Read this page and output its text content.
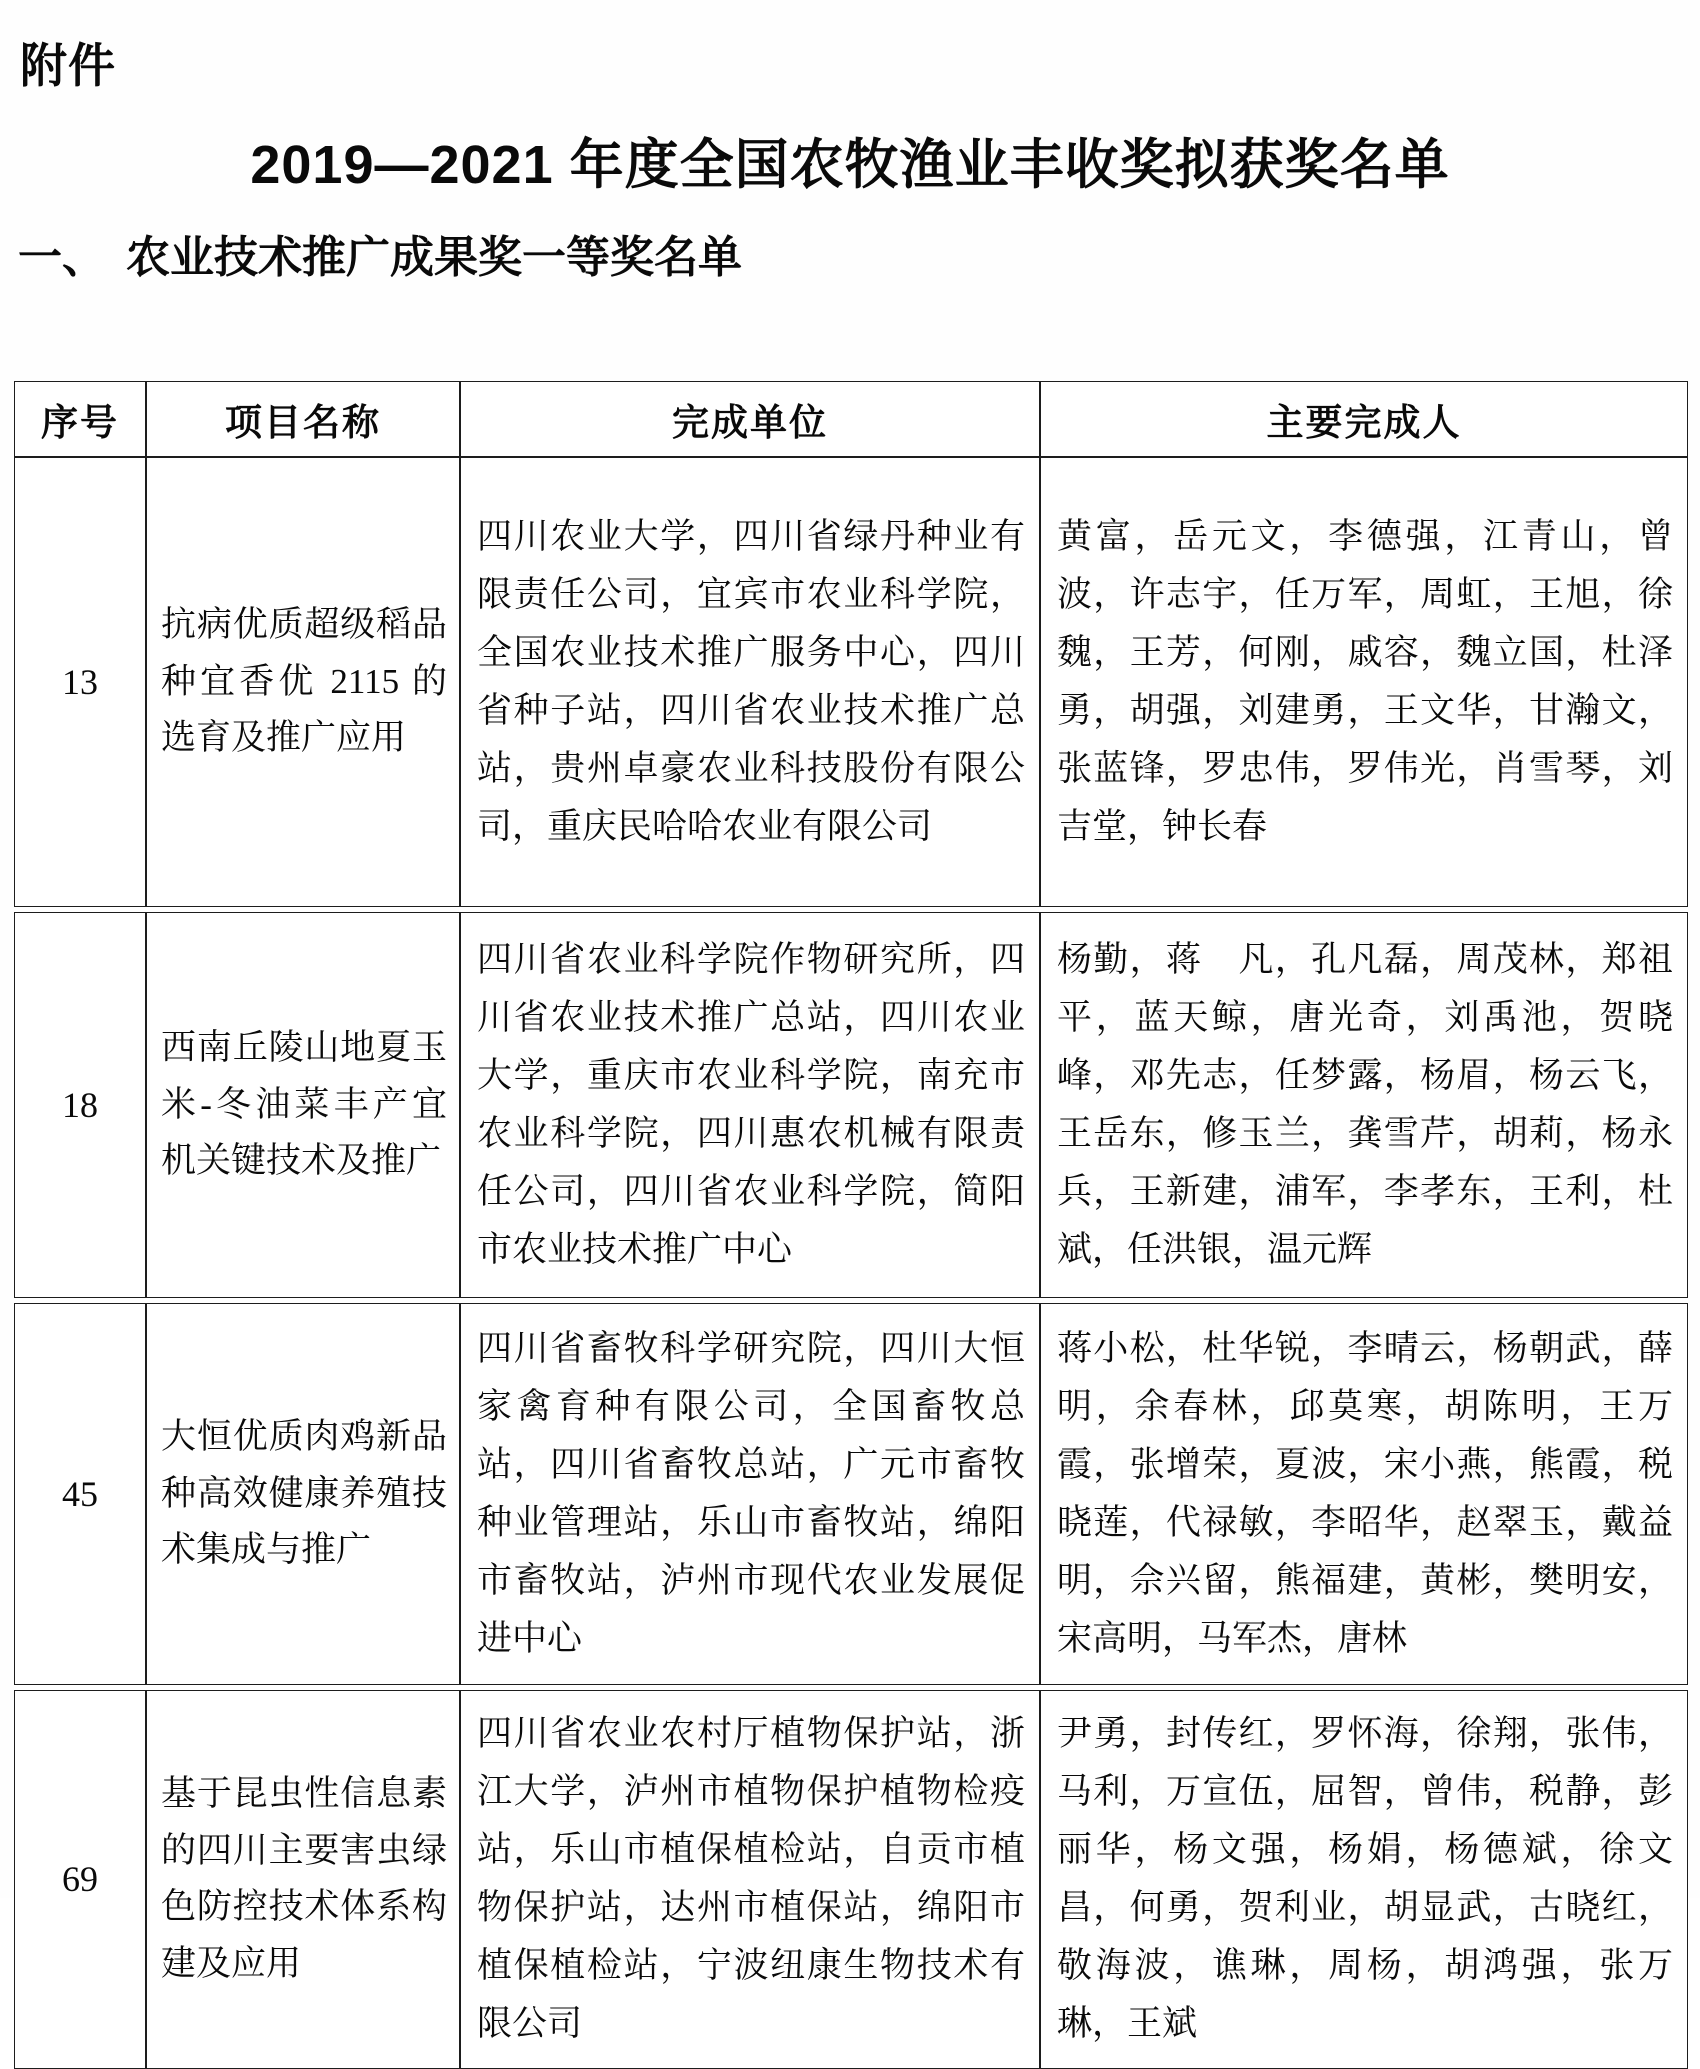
附件
2019—2021 年度全国农牧渔业丰收奖拟获奖名单
一、 农业技术推广成果奖一等奖名单
序号	项目名称	完成单位	主要完成人
13	抗病优质超级稻品种宜香优 2115 的选育及推广应用	四川农业大学，四川省绿丹种业有限责任公司，宜宾市农业科学院，全国农业技术推广服务中心，四川省种子站，四川省农业技术推广总站，贵州卓豪农业科技股份有限公司，重庆民哈哈农业有限公司	黄富，岳元文，李德强，江青山，曾波，许志宇，任万军，周虹，王旭，徐魏，王芳，何刚，戚容，魏立国，杜泽勇，胡强，刘建勇，王文华，甘瀚文，张蓝锋，罗忠伟，罗伟光，肖雪琴，刘吉堂，钟长春

18	西南丘陵山地夏玉米-冬油菜丰产宜机关键技术及推广	四川省农业科学院作物研究所，四川省农业技术推广总站，四川农业大学，重庆市农业科学院，南充市农业科学院，四川惠农机械有限责任公司，四川省农业科学院，简阳市农业技术推广中心	杨勤，蒋　凡，孔凡磊，周茂林，郑祖平，蓝天鲸，唐光奇，刘禹池，贺晓峰，邓先志，任梦露，杨眉，杨云飞，王岳东，修玉兰，龚雪芹，胡莉，杨永兵，王新建，浦军，李孝东，王利，杜斌，任洪银，温元辉

45	大恒优质肉鸡新品种高效健康养殖技术集成与推广	四川省畜牧科学研究院，四川大恒家禽育种有限公司，全国畜牧总站，四川省畜牧总站，广元市畜牧种业管理站，乐山市畜牧站，绵阳市畜牧站，泸州市现代农业发展促进中心	蒋小松，杜华锐，李晴云，杨朝武，薛明，余春林，邱莫寒，胡陈明，王万霞，张增荣，夏波，宋小燕，熊霞，税晓莲，代禄敏，李昭华，赵翠玉，戴益明，佘兴留，熊福建，黄彬，樊明安，宋高明，马军杰，唐林

69	基于昆虫性信息素的四川主要害虫绿色防控技术体系构建及应用	四川省农业农村厅植物保护站，浙江大学，泸州市植物保护植物检疫站，乐山市植保植检站，自贡市植物保护站，达州市植保站，绵阳市植保植检站，宁波纽康生物技术有限公司	尹勇，封传红，罗怀海，徐翔，张伟，马利，万宣伍，屈智，曾伟，税静，彭丽华，杨文强，杨娟，杨德斌，徐文昌，何勇，贺利业，胡显武，古晓红，敬海波，谯琳，周杨，胡鸿强，张万琳，王斌
